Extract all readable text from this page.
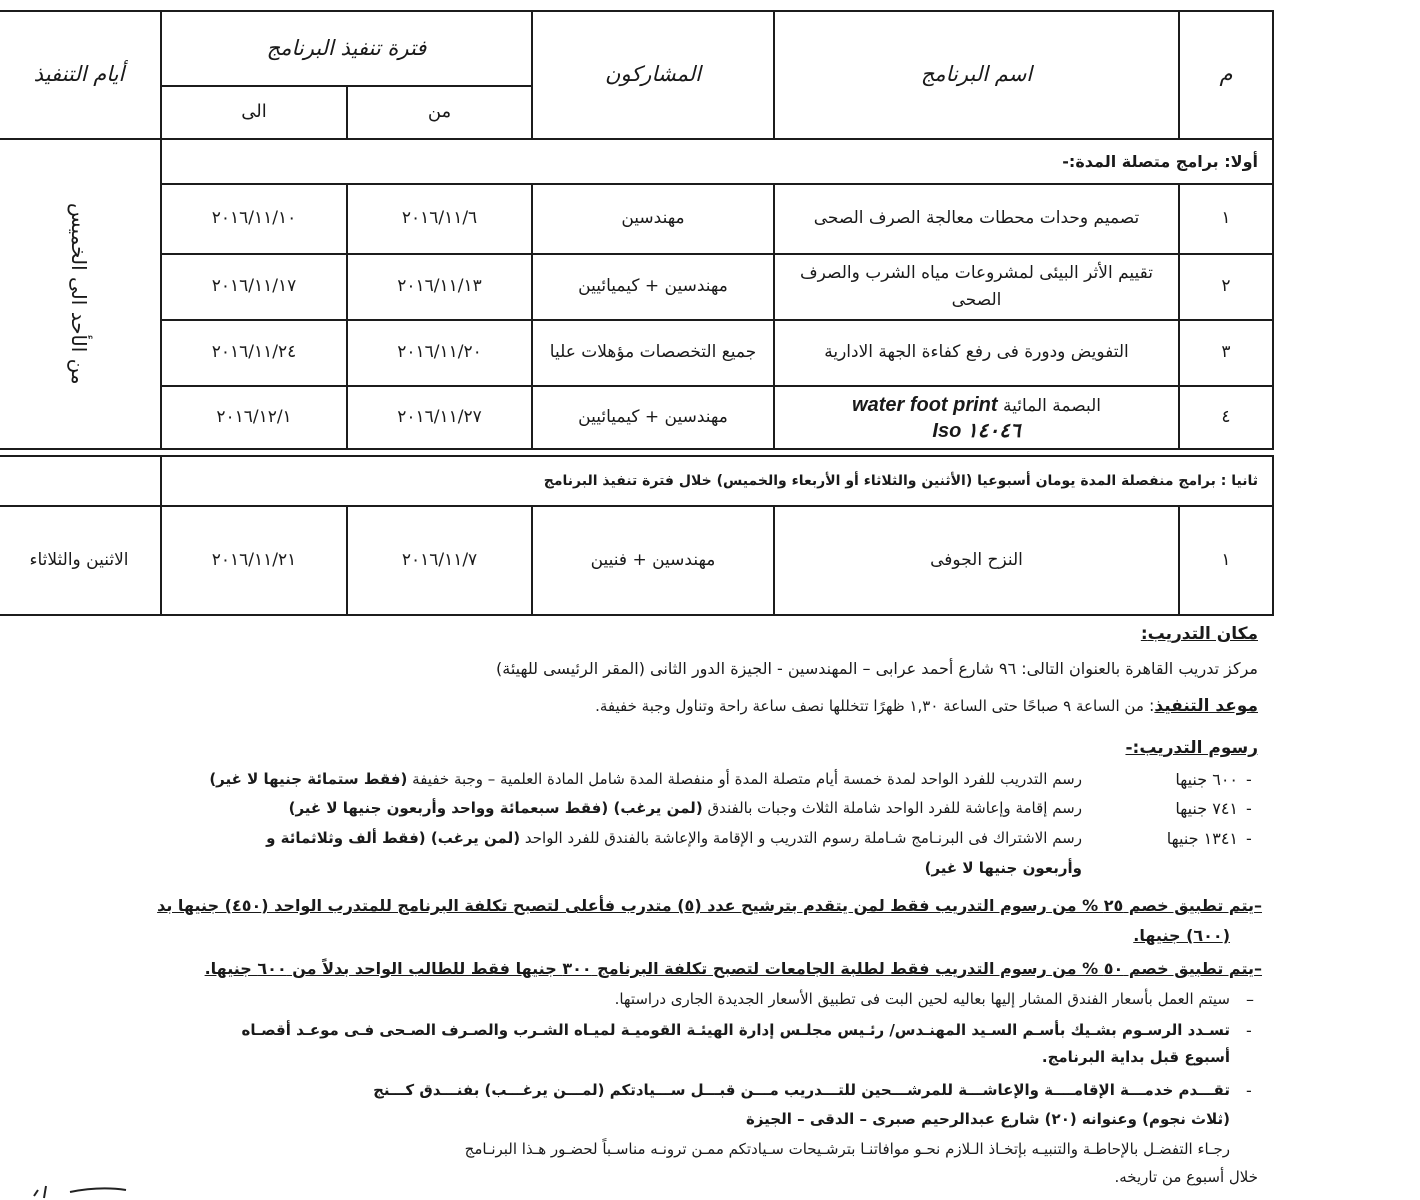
م
اسم البرنامج
المشاركون
فترة تنفيذ البرنامج
من
الى
أيام التنفيذ
أولا: برامج متصلة المدة:-
من الأحد الى الخميس	١
تصميم وحدات محطات معالجة الصرف الصحى
مهندسين
٢٠١٦/١١/٦
٢٠١٦/١١/١٠
٢
تقييم الأثر البيئى لمشروعات مياه الشرب والصرف الصحى
مهندسين + كيميائيين
٢٠١٦/١١/١٣
٢٠١٦/١١/١٧
٣
التفويض ودورة فى رفع كفاءة الجهة الادارية
جميع التخصصات مؤهلات عليا
٢٠١٦/١١/٢٠
٢٠١٦/١١/٢٤
٤
البصمة المائية water foot print
Iso ١٤٠٤٦
مهندسين + كيميائيين
٢٠١٦/١١/٢٧
٢٠١٦/١٢/١
ثانيا : برامج منفصلة المدة يومان أسبوعيا (الأثنين والثلاثاء أو الأربعاء والخميس) خلال فترة تنفيذ البرنامج
١
النزح الجوفى
مهندسين + فنيين
٢٠١٦/١١/٧
٢٠١٦/١١/٢١
الاثنين والثلاثاء
مكان التدريب:
مركز تدريب القاهرة بالعنوان التالى: ٩٦ شارع أحمد عرابى – المهندسين - الجيزة الدور الثانى (المقر الرئيسى للهيئة)
موعد التنفيذ: من الساعة ٩ صباحًا حتى الساعة ١,٣٠ ظهرًا تتخللها نصف ساعة راحة وتناول وجبة خفيفة.
رسوم التدريب:-
-
٦٠٠ جنيها
رسم التدريب للفرد الواحد لمدة خمسة أيام متصلة المدة أو منفصلة المدة شامل المادة العلمية – وجبة خفيفة (فقط ستمائة جنيها لا غير)
-
٧٤١ جنيها
رسم إقامة وإعاشة للفرد الواحد شاملة الثلاث وجبات بالفندق (لمن يرغب) (فقط سبعمائة وواحد وأربعون جنيها لا غير)
-
١٣٤١ جنيها
رسم الاشتراك فى البرنـامج شـاملة رسوم التدريب و الإقامة والإعاشة بالفندق للفرد الواحد (لمن يرغب) (فقط ألف وثلاثمائة و
وأربعون جنيها لا غير)
–يتم تطبيق خصم ٢٥ % من رسوم التدريب فقط لمن يتقدم بترشيح عدد (٥) متدرب فأعلى لتصبح تكلفة البرنامج للمتدرب الواحد (٤٥٠) جنيها بد
(٦٠٠) جنيها.
–يتم تطبيق خصم ٥٠ % من رسوم التدريب فقط لطلبة الجامعات لتصبح تكلفة البرنامج ٣٠٠ جنيها فقط للطالب الواحد بدلاً من ٦٠٠ جنيها.
–
سيتم العمل بأسعار الفندق المشار إليها بعاليه لحين البت فى تطبيق الأسعار الجديدة الجارى دراستها.
-
تسـدد الرسـوم بشـيك بأسـم السـيد المهنـدس/ رئـيس مجلـس إدارة الهيئـة القوميـة لميـاه الشـرب والصـرف الصـحى فـى موعـد أقصـاه
أسبوع قبل بداية البرنامج.
-
تقـــدم خدمـــة الإقامــــة والإعاشـــة للمرشـــحين للتـــدريب مـــن قبـــل ســـيادتكم (لمـــن يرغـــب) بفنـــدق كـــنج
(ثلاث نجوم) وعنوانه (٢٠) شارع عبدالرحيم صبرى – الدقى – الجيزة
رجـاء التفضـل بالإحاطـة والتنبيـه بإتخـاذ الـلازم نحـو موافاتنـا بترشـيحات سـيادتكم ممـن ترونـه مناسـباً لحضـور هـذا البرنـامج
خلال أسبوع من تاريخه.
